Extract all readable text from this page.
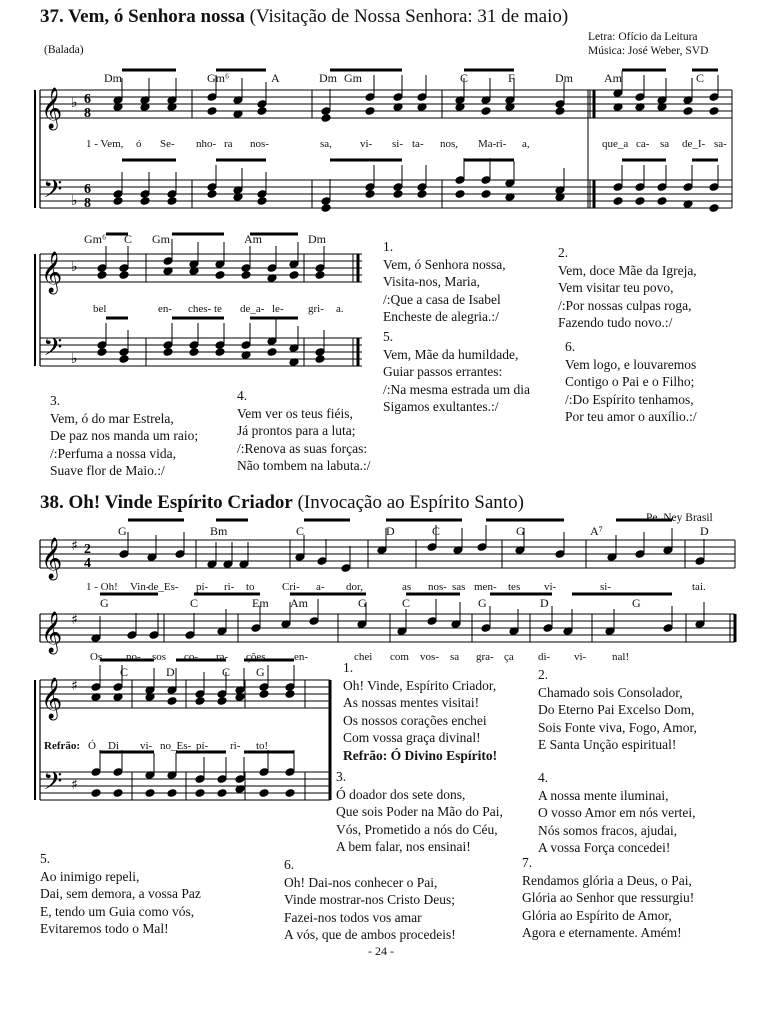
37. Vem, ó Senhora nossa (Visitação de Nossa Senhora: 31 de maio)
(Balada)
Letra: Ofício da Leitura
Música: José Weber, SVD
38. Oh! Vinde Espírito Criador (Invocação ao Espírito Santo)
Pe. Ney Brasil
𝄞
𝄢
♭
♭
6
8
6
8
𝄞
𝄢
♭
♭
𝄞 ♯ 2
4
𝄞 ♯
𝄞
𝄢
♯
♯
Dm	Gm⁶	A	Dm Gm	C	F	Dm	Am	C
1 - Vem, ó Se- nho- ra nos-	sa,	vi- si- ta- nos, Ma- ri- a,	que_a ca- sa de_I- sa-
Gm⁶ C Gm	Am	Dm
bel	en- ches- te de_a- le- gri- a.
G	Bm	C	D	C	G	A⁷	D
1 - Oh! Vin-
de_Es- pí- ri- to Cri- a- dor,	as nos- sas men- tes vi-	si-	tai.
G	C	Em Am	G	C	G	D	G
Os no- sos co- ra- ções	en-	chei com vos- sa gra- ça di- vi- nal!
C	D	C G
Refrão: Ó Di vi- no_Es- pí- ri- to!
1.
Vem, ó Senhora nossa,
Visita-nos, Maria,
/:Que a casa de Isabel
Encheste de alegria.:/
2.
Vem, doce Mãe da Igreja,
Vem visitar teu povo,
/:Por nossas culpas roga,
Fazendo tudo novo.:/
5.
Vem, Mãe da humildade,
Guiar passos errantes:
/:Na mesma estrada um dia
Sigamos exultantes.:/
6.
Vem logo, e louvaremos
Contigo o Pai e o Filho;
/:Do Espírito tenhamos,
Por teu amor o auxílio.:/
3.
Vem, ó do mar Estrela,
De paz nos manda um raio;
/:Perfuma a nossa vida,
Suave flor de Maio.:/
4.
Vem ver os teus fiéis,
Já prontos para a luta;
/:Renova as suas forças:
Não tombem na labuta.:/
1.
Oh! Vinde, Espírito Criador,
As nossas mentes visitai!
Os nossos corações enchei
Com vossa graça divinal!
Refrão: Ó Divino Espírito!
2.
Chamado sois Consolador,
Do Eterno Pai Excelso Dom,
Sois Fonte viva, Fogo, Amor,
E Santa Unção espiritual!
3.
Ó doador dos sete dons,
Que sois Poder na Mão do Pai,
Vós, Prometido a nós do Céu,
A bem falar, nos ensinai!
4.
A nossa mente iluminai,
O vosso Amor em nós vertei,
Nós somos fracos, ajudai,
A vossa Força concedei!
5.
Ao inimigo repeli,
Dai, sem demora, a vossa Paz
E, tendo um Guia como vós,
Evitaremos todo o Mal!
6.
Oh! Dai-nos conhecer o Pai,
Vinde mostrar-nos Cristo Deus;
Fazei-nos todos vos amar
A vós, que de ambos procedeis!
7.
Rendamos glória a Deus, o Pai,
Glória ao Senhor que ressurgiu!
Glória ao Espírito de Amor,
Agora e eternamente. Amém!
- 24 -
